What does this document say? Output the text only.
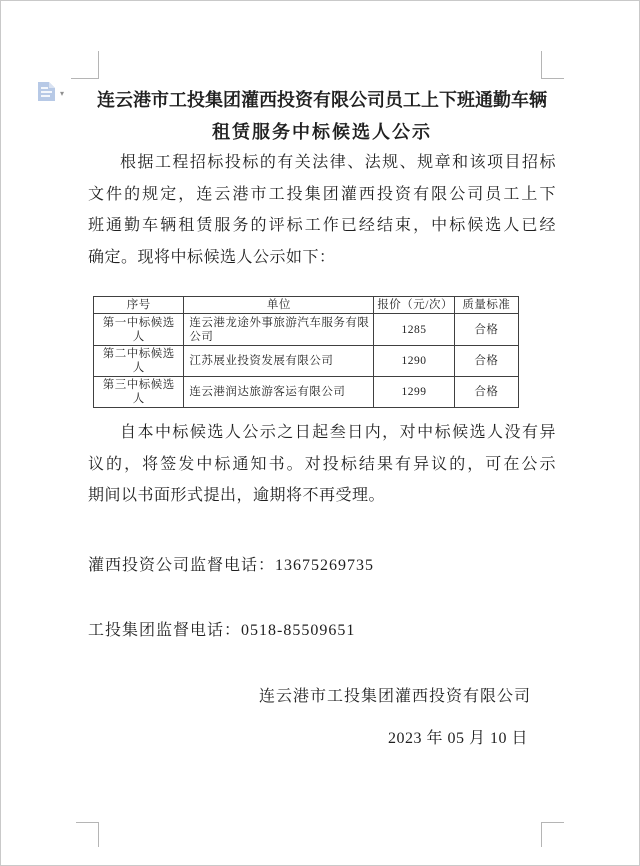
▾	连云港市工投集团灌西投资有限公司员工上下班通勤车辆
租赁服务中标候选人公示
根据工程招标投标的有关法律、法规、规章和该项目招标
文件的规定，连云港市工投集团灌西投资有限公司员工上下
班通勤车辆租赁服务的评标工作已经结束，中标候选人已经
确定。现将中标候选人公示如下：
序号	单位	报价（元/次）	质量标准
第一中标候选人	连云港龙途外事旅游汽车服务有限公司	1285	合格
第二中标候选人	江苏展业投资发展有限公司	1290	合格
第三中标候选人	连云港润达旅游客运有限公司	1299	合格
自本中标候选人公示之日起叁日内，对中标候选人没有异
议的，将签发中标通知书。对投标结果有异议的，可在公示
期间以书面形式提出，逾期将不再受理。
灌西投资公司监督电话：13675269735
工投集团监督电话：0518-85509651
连云港市工投集团灌西投资有限公司
2023 年 05 月 10 日
